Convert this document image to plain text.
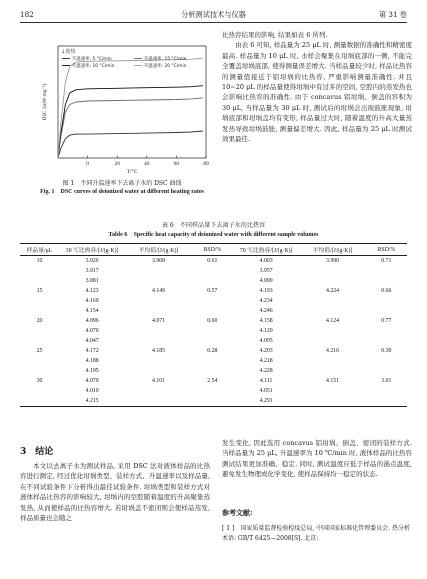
182	分析测试技术与仪器	第 31 卷
0	20	40	60	80
T/°C
DSC /(mW·mg⁻¹)
↓放热
升温速率: 5 °C/min	升温速率: 15 °C/min
升温速率: 10 °C/min	升温速率: 20 °C/min
图 1　不同升温速率下去离子水的 DSC 曲线
Fig. 1　DSC curves of deionized water at different heating rates

比热容结果的影响, 结果如表 6 所列.

　　由表 6 可知, 样品量为 25 μL 时, 测量数据的准确性和精密度最高. 样品量为 10 μL 时, 水样会聚集在坩埚底部的一侧, 不能完全覆盖坩埚底部, 使得测量误差增大. 当样品量较少时, 样品比热容的测量值接近于铝坩埚的比热容, 严重影响测量准确性. 并且 10~20 μL 的样品量使得坩埚中有过多的空间, 空腔内的蒸发热也会影响比热容的准确性. 由于 concavus 铝坩埚、倒盖的容积为 30 μL, 当样品量为 30 μL 时, 测试后的坩埚会出现鼓胀现象, 坩埚底部和坩埚盖均有变形, 样品量过大时, 随着温度的升高大量蒸发热导致坩埚鼓胀, 测量偏差增大. 因此, 样品量为 25 μL 时测试效果最佳.

表 6　不同样品量下去离子水的比热容
Table 6　Specific heat capacity of deionized water with different sample volumes
样品量/μL	30 ℃比热容/[J/(g·K)]	平均值/[J/(g·K)]	RSD/%	70 ℃比热容/[J/(g·K)]	平均值/[J/(g·K)]	RSD/%
10	3.926	3.908	0.61	4.003	3.990	0.71
	3.917			3.957		
	3.881			4.009		
15	4.123	4.149	0.57	4.193	4.224	0.66
	4.169			4.234		
	4.154			4.246		
20	4.096	4.071	0.60	4.158	4.124	0.77
	4.070			4.120		
	4.047			4.095		
25	4.172	4.185	0.28	4.203	4.216	0.30
	4.188			4.218		
	4.195			4.228		
30	4.079	4.101	2.54	4.111	4.151	3.01
	4.010			4.051		
	4.215			4.291		
3　结论

本文以去离子水为测试样品, 采用 DSC 法对液体样品的比热容进行测定, 经过优化坩埚类型、装样方式、升温速率以及样品量, 在不同试验条件下分析得出最佳试验条件. 坩埚类型和装样方式对液体样品比热容的影响较大, 坩埚内的空腔随着温度的升高聚集蒸发热, 从而使样品的比热容增大. 若坩埚盖不密闭则会使样品蒸发, 样品质量也会随之

发生变化, 因此选用 concavus 铝坩埚、倒盖、密闭的装样方式. 当样品量为 25 μL, 升温速率为 10 ℃/min 时, 液体样品的比热容测试结果更加准确、稳定. 同时, 测试温度应低于样品的沸点温度, 避免发生物理或化学变化, 使样品保持均一稳定的状态.

参考文献:
[ 1 ]　国家质量监督检验检疫总局, 中国国家标准化管理委员会. 热分析术语: GB/T 6425—2008[S]. 北京:
